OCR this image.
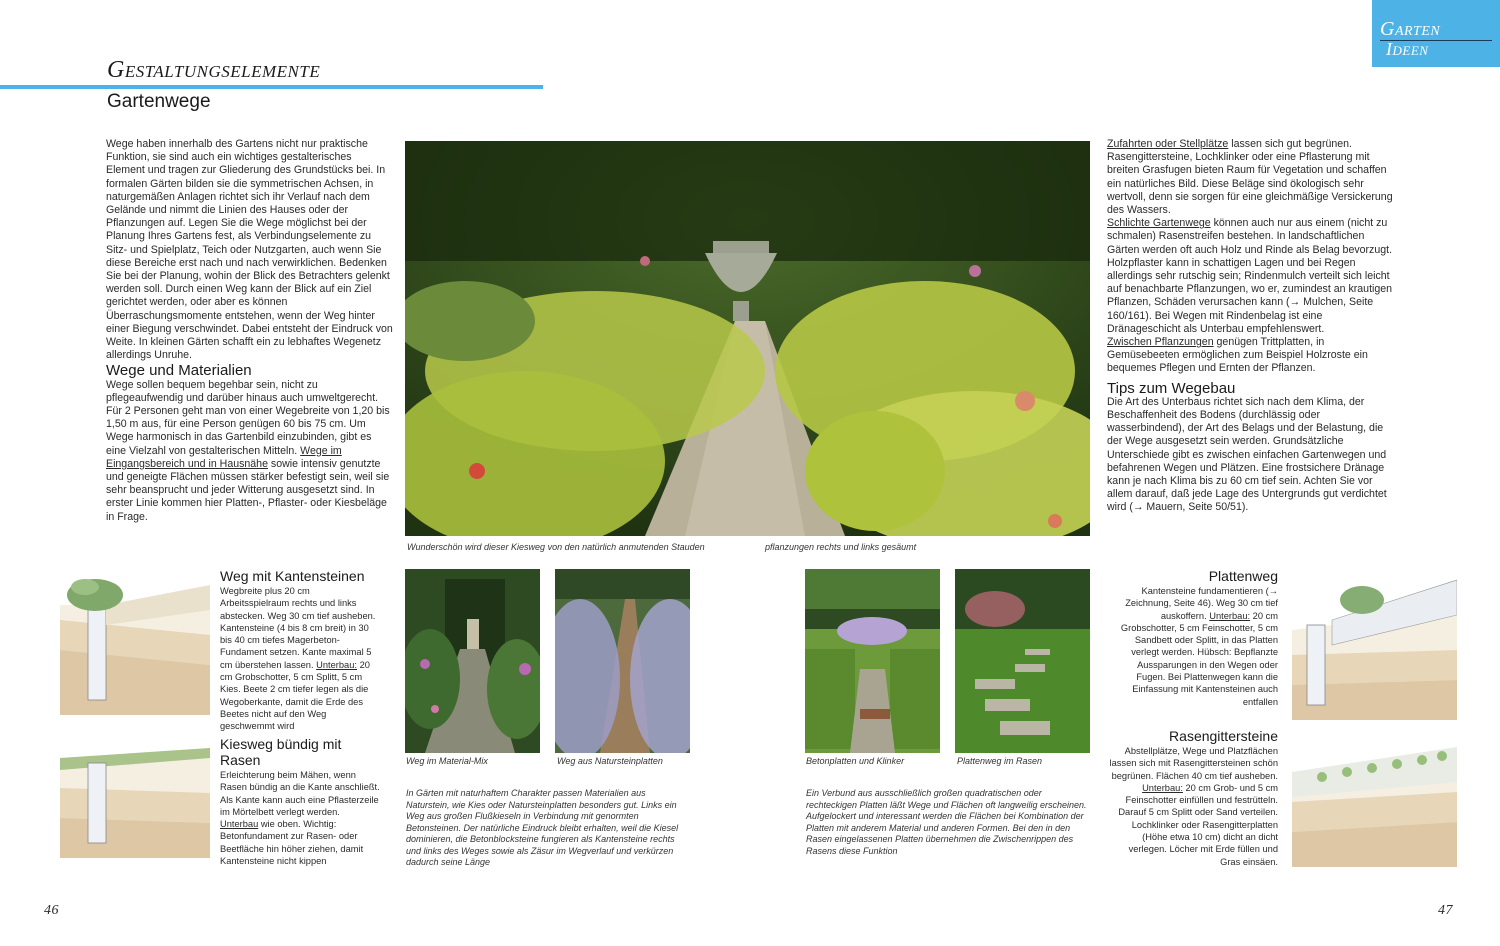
Garten
Ideen
Gestaltungselemente
Gartenwege

Wege haben innerhalb des Gartens nicht nur praktische Funktion, sie sind auch ein wichtiges gestalterisches Element und tragen zur Gliederung des Grundstücks bei. In formalen Gärten bilden sie die symmetrischen Achsen, in naturgemäßen Anlagen richtet sich ihr Verlauf nach dem Gelände und nimmt die Linien des Hauses oder der Pflanzungen auf. Legen Sie die Wege möglichst bei der Planung Ihres Gartens fest, als Verbindungselemente zu Sitz- und Spielplatz, Teich oder Nutzgarten, auch wenn Sie diese Bereiche erst nach und nach verwirklichen. Bedenken Sie bei der Planung, wohin der Blick des Betrachters gelenkt werden soll. Durch einen Weg kann der Blick auf ein Ziel gerichtet werden, oder aber es können Überraschungsmomente entstehen, wenn der Weg hinter einer Biegung verschwindet. Dabei entsteht der Eindruck von Weite. In kleinen Gärten schafft ein zu lebhaftes Wegenetz allerdings Unruhe.

Wege und Materialien

Wege sollen bequem begehbar sein, nicht zu pflegeaufwendig und darüber hinaus auch umweltgerecht. Für 2 Personen geht man von einer Wegebreite von 1,20 bis 1,50 m aus, für eine Person genügen 60 bis 75 cm. Um Wege harmonisch in das Gartenbild einzubinden, gibt es eine Vielzahl von gestalterischen Mitteln. Wege im Eingangsbereich und in Hausnähe sowie intensiv genutzte und geneigte Flächen müssen stärker befestigt sein, weil sie sehr beansprucht und jeder Witterung ausgesetzt sind. In erster Linie kommen hier Platten-, Pflaster- oder Kiesbeläge in Frage.

Wunderschön wird dieser Kiesweg von den natürlich anmutenden Stauden	pflanzungen rechts und links gesäumt

Zufahrten oder Stellplätze lassen sich gut begrünen. Rasengittersteine, Lochklinker oder eine Pflasterung mit breiten Grasfugen bieten Raum für Vegetation und schaffen ein natürliches Bild. Diese Beläge sind ökologisch sehr wertvoll, denn sie sorgen für eine gleichmäßige Versickerung des Wassers.

Schlichte Gartenwege können auch nur aus einem (nicht zu schmalen) Rasenstreifen bestehen. In landschaftlichen Gärten werden oft auch Holz und Rinde als Belag bevorzugt. Holzpflaster kann in schattigen Lagen und bei Regen allerdings sehr rutschig sein; Rindenmulch verteilt sich leicht auf benachbarte Pflanzungen, wo er, zumindest an krautigen Pflanzen, Schäden verursachen kann (→ Mulchen, Seite 160/161). Bei Wegen mit Rindenbelag ist eine Dränageschicht als Unterbau empfehlenswert.

Zwischen Pflanzungen genügen Trittplatten, in Gemüsebeeten ermöglichen zum Beispiel Holzroste ein bequemes Pflegen und Ernten der Pflanzen.

Tips zum Wegebau

Die Art des Unterbaus richtet sich nach dem Klima, der Beschaffenheit des Bodens (durchlässig oder wasserbindend), der Art des Belags und der Belastung, die der Wege ausgesetzt sein werden. Grundsätzliche Unterschiede gibt es zwischen einfachen Gartenwegen und befahrenen Wegen und Plätzen. Eine frostsichere Dränage kann je nach Klima bis zu 60 cm tief sein. Achten Sie vor allem darauf, daß jede Lage des Untergrunds gut verdichtet wird (→ Mauern, Seite 50/51).

Weg mit Kantensteinen

Wegbreite plus 20 cm Arbeitsspielraum rechts und links abstecken. Weg 30 cm tief ausheben. Kantensteine (4 bis 8 cm breit) in 30 bis 40 cm tiefes Magerbeton-Fundament setzen. Kante maximal 5 cm überstehen lassen. Unterbau: 20 cm Grobschotter, 5 cm Splitt, 5 cm Kies. Beete 2 cm tiefer legen als die Wegoberkante, damit die Erde des Beetes nicht auf den Weg geschwemmt wird

Kiesweg bündig mit Rasen

Erleichterung beim Mähen, wenn Rasen bündig an die Kante anschließt. Als Kante kann auch eine Pflasterzeile im Mörtelbett verlegt werden. Unterbau wie oben. Wichtig: Betonfundament zur Rasen- oder Beetfläche hin höher ziehen, damit Kantensteine nicht kippen

Weg im Material-Mix	Weg aus Natursteinplatten
In Gärten mit naturhaftem Charakter passen Materialien aus Naturstein, wie Kies oder Natursteinplatten besonders gut. Links ein Weg aus großen Flußkieseln in Verbindung mit genormten Betonsteinen. Der natürliche Eindruck bleibt erhalten, weil die Kiesel dominieren, die Betonblocksteine fungieren als Kantensteine rechts und links des Weges sowie als Zäsur im Wegverlauf und verkürzen dadurch seine Länge
Betonplatten und Klinker	Plattenweg im Rasen
Ein Verbund aus ausschließlich großen quadratischen oder rechteckigen Platten läßt Wege und Flächen oft langweilig erscheinen. Aufgelockert und interessant werden die Flächen bei Kombination der Platten mit anderem Material und anderen Formen. Bei den in den Rasen eingelassenen Platten übernehmen die Zwischenrippen des Rasens diese Funktion
Plattenweg

Kantensteine fundamentieren (→ Zeichnung, Seite 46). Weg 30 cm tief auskoffern. Unterbau: 20 cm Grobschotter, 5 cm Feinschotter, 5 cm Sandbett oder Splitt, in das Platten verlegt werden. Hübsch: Bepflanzte Aussparungen in den Wegen oder Fugen. Bei Plattenwegen kann die Einfassung mit Kantensteinen auch entfallen

Rasengittersteine

Abstellplätze, Wege und Platzflächen lassen sich mit Rasengittersteinen schön begrünen. Flächen 40 cm tief ausheben. Unterbau: 20 cm Grob- und 5 cm Feinschotter einfüllen und festrütteln. Darauf 5 cm Splitt oder Sand verteilen. Lochklinker oder Rasengitterplatten (Höhe etwa 10 cm) dicht an dicht verlegen. Löcher mit Erde füllen und Gras einsäen.

46	47
